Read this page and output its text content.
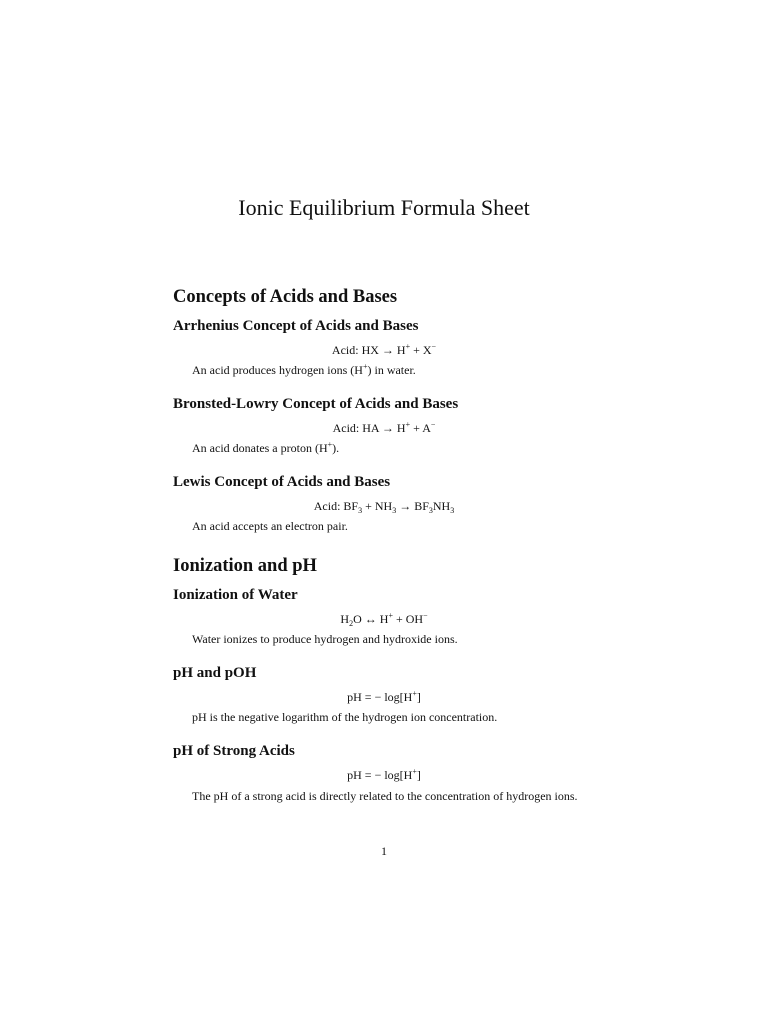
Ionic Equilibrium Formula Sheet
Concepts of Acids and Bases
Arrhenius Concept of Acids and Bases
Acid: HX → H+ + X−

An acid produces hydrogen ions (H+) in water.

Bronsted-Lowry Concept of Acids and Bases
Acid: HA → H+ + A−

An acid donates a proton (H+).

Lewis Concept of Acids and Bases
Acid: $BF_3 + NH_3 \to BF_3NH_3$

An acid accepts an electron pair.

Ionization and pH
Ionization of Water
$H_2O$ ↔ H+ + OH−

Water ionizes to produce hydrogen and hydroxide ions.

pH and pOH
pH = − log[H+]

pH is the negative logarithm of the hydrogen ion concentration.

pH of Strong Acids
pH = − log[H+]

The pH of a strong acid is directly related to the concentration of hydrogen ions.

1
